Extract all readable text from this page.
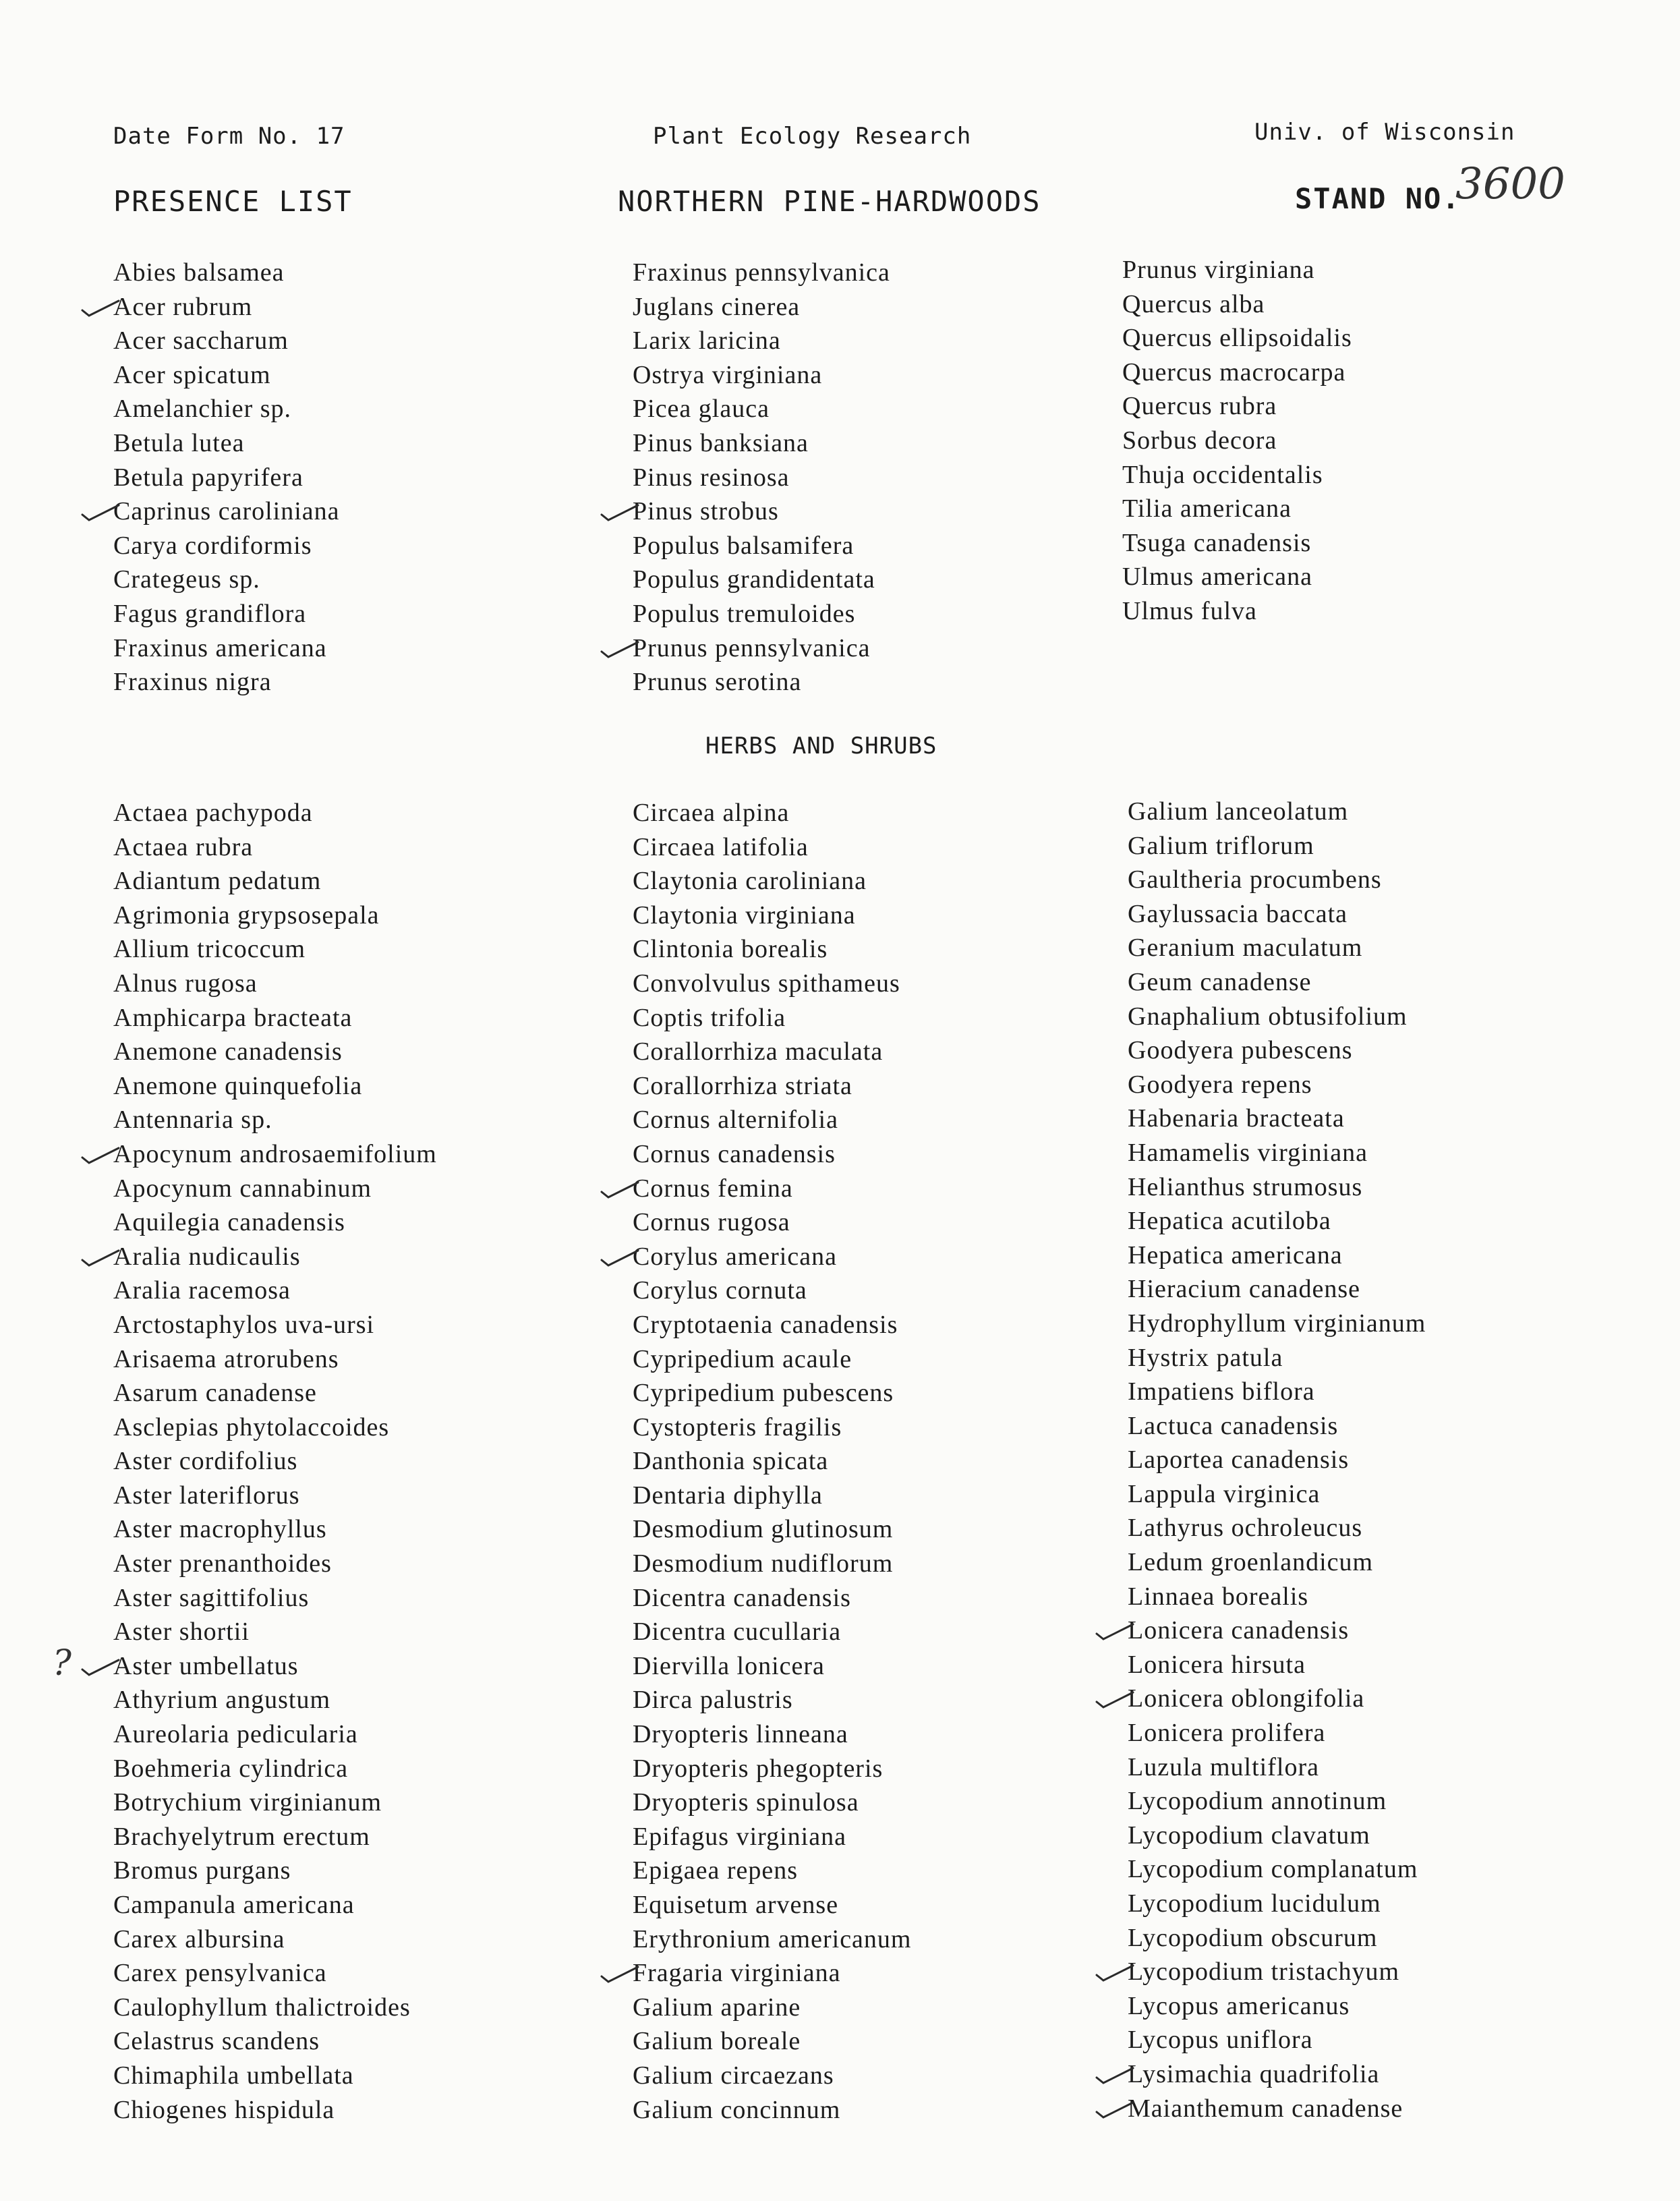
Date Form No. 17	Plant Ecology Research	Univ. of Wisconsin
PRESENCE LIST	NORTHERN PINE-HARDWOODS	STAND NO.
3600
Abies balsamea
Acer rubrum
Acer saccharum
Acer spicatum
Amelanchier sp.
Betula lutea
Betula papyrifera
Caprinus caroliniana
Carya cordiformis
Crategeus sp.
Fagus grandiflora
Fraxinus americana
Fraxinus nigra
Fraxinus pennsylvanica
Juglans cinerea
Larix laricina
Ostrya virginiana
Picea glauca
Pinus banksiana
Pinus resinosa
Pinus strobus
Populus balsamifera
Populus grandidentata
Populus tremuloides
Prunus pennsylvanica
Prunus serotina
Prunus virginiana
Quercus alba
Quercus ellipsoidalis
Quercus macrocarpa
Quercus rubra
Sorbus decora
Thuja occidentalis
Tilia americana
Tsuga canadensis
Ulmus americana
Ulmus fulva
HERBS AND SHRUBS
Actaea pachypoda
Actaea rubra
Adiantum pedatum
Agrimonia grypsosepala
Allium tricoccum
Alnus rugosa
Amphicarpa bracteata
Anemone canadensis
Anemone quinquefolia
Antennaria sp.
Apocynum androsaemifolium
Apocynum cannabinum
Aquilegia canadensis
Aralia nudicaulis
Aralia racemosa
Arctostaphylos uva-ursi
Arisaema atrorubens
Asarum canadense
Asclepias phytolaccoides
Aster cordifolius
Aster lateriflorus
Aster macrophyllus
Aster prenanthoides
Aster sagittifolius
Aster shortii
Aster umbellatus
Athyrium angustum
Aureolaria pedicularia
Boehmeria cylindrica
Botrychium virginianum
Brachyelytrum erectum
Bromus purgans
Campanula americana
Carex albursina
Carex pensylvanica
Caulophyllum thalictroides
Celastrus scandens
Chimaphila umbellata
Chiogenes hispidula
Circaea alpina
Circaea latifolia
Claytonia caroliniana
Claytonia virginiana
Clintonia borealis
Convolvulus spithameus
Coptis trifolia
Corallorrhiza maculata
Corallorrhiza striata
Cornus alternifolia
Cornus canadensis
Cornus femina
Cornus rugosa
Corylus americana
Corylus cornuta
Cryptotaenia canadensis
Cypripedium acaule
Cypripedium pubescens
Cystopteris fragilis
Danthonia spicata
Dentaria diphylla
Desmodium glutinosum
Desmodium nudiflorum
Dicentra canadensis
Dicentra cucullaria
Diervilla lonicera
Dirca palustris
Dryopteris linneana
Dryopteris phegopteris
Dryopteris spinulosa
Epifagus virginiana
Epigaea repens
Equisetum arvense
Erythronium americanum
Fragaria virginiana
Galium aparine
Galium boreale
Galium circaezans
Galium concinnum
Galium lanceolatum
Galium triflorum
Gaultheria procumbens
Gaylussacia baccata
Geranium maculatum
Geum canadense
Gnaphalium obtusifolium
Goodyera pubescens
Goodyera repens
Habenaria bracteata
Hamamelis virginiana
Helianthus strumosus
Hepatica acutiloba
Hepatica americana
Hieracium canadense
Hydrophyllum virginianum
Hystrix patula
Impatiens biflora
Lactuca canadensis
Laportea canadensis
Lappula virginica
Lathyrus ochroleucus
Ledum groenlandicum
Linnaea borealis
Lonicera canadensis
Lonicera hirsuta
Lonicera oblongifolia
Lonicera prolifera
Luzula multiflora
Lycopodium annotinum
Lycopodium clavatum
Lycopodium complanatum
Lycopodium lucidulum
Lycopodium obscurum
Lycopodium tristachyum
Lycopus americanus
Lycopus uniflora
Lysimachia quadrifolia
Maianthemum canadense
?
